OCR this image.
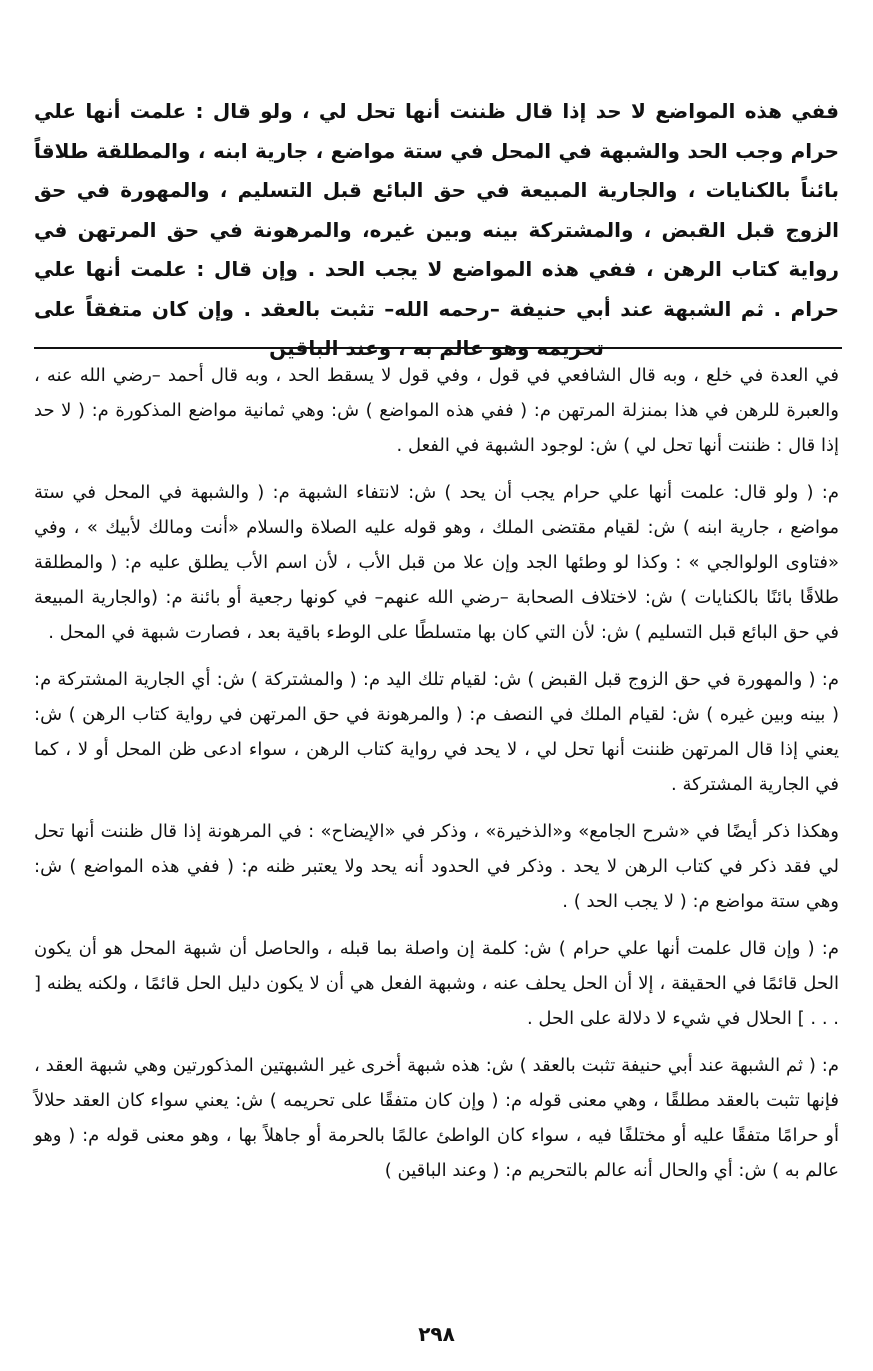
ففي هذه المواضع لا حد إذا قال ظننت أنها تحل لي ، ولو قال : علمت أنها علي حرام وجب الحد والشبهة في المحل في ستة مواضع ، جارية ابنه ، والمطلقة طلاقاً بائناً بالكنايات ، والجارية المبيعة في حق البائع قبل التسليم ، والمهورة في حق الزوج قبل القبض ، والمشتركة بينه وبين غيره، والمرهونة في حق المرتهن في رواية كتاب الرهن ، ففي هذه المواضع لا يجب الحد . وإن قال : علمت أنها علي حرام . ثم الشبهة عند أبي حنيفة –رحمه الله– تثبت بالعقد . وإن كان متفقاً على تحريمه وهو عالم به ، وعند الباقين

في العدة في خلع ، وبه قال الشافعي في قول ، وفي قول لا يسقط الحد ، وبه قال أحمد –رضي الله عنه ، والعبرة للرهن في هذا بمنزلة المرتهن م: ( ففي هذه المواضع ) ش: وهي ثمانية مواضع المذكورة م: ( لا حد إذا قال : ظننت أنها تحل لي ) ش: لوجود الشبهة في الفعل .

م: ( ولو قال: علمت أنها علي حرام يجب أن يحد ) ش: لانتفاء الشبهة م: ( والشبهة في المحل في ستة مواضع ، جارية ابنه ) ش: لقيام مقتضى الملك ، وهو قوله عليه الصلاة والسلام «أنت ومالك لأبيك » ، وفي «فتاوى الولوالجي » : وكذا لو وطئها الجد وإن علا من قبل الأب ، لأن اسم الأب يطلق عليه م: ( والمطلقة طلاقًا بائنًا بالكنايات ) ش: لاختلاف الصحابة –رضي الله عنهم– في كونها رجعية أو بائنة م: (والجارية المبيعة في حق البائع قبل التسليم ) ش: لأن التي كان بها متسلطًا على الوطء باقية بعد ، فصارت شبهة في المحل .

م: ( والمهورة في حق الزوج قبل القبض ) ش: لقيام تلك اليد م: ( والمشتركة ) ش: أي الجارية المشتركة م: ( بينه وبين غيره ) ش: لقيام الملك في النصف م: ( والمرهونة في حق المرتهن في رواية كتاب الرهن ) ش: يعني إذا قال المرتهن ظننت أنها تحل لي ، لا يحد في رواية كتاب الرهن ، سواء ادعى ظن المحل أو لا ، كما في الجارية المشتركة .

وهكذا ذكر أيضًا في «شرح الجامع» و«الذخيرة» ، وذكر في «الإيضاح» : في المرهونة إذا قال ظننت أنها تحل لي فقد ذكر في كتاب الرهن لا يحد . وذكر في الحدود أنه يحد ولا يعتبر ظنه م: ( ففي هذه المواضع ) ش: وهي ستة مواضع م: ( لا يجب الحد ) .

م: ( وإن قال علمت أنها علي حرام ) ش: كلمة إن واصلة بما قبله ، والحاصل أن شبهة المحل هو أن يكون الحل قائمًا في الحقيقة ، إلا أن الحل يحلف عنه ، وشبهة الفعل هي أن لا يكون دليل الحل قائمًا ، ولكنه يظنه [ . . . ] الحلال في شيء لا دلالة على الحل .

م: ( ثم الشبهة عند أبي حنيفة تثبت بالعقد ) ش: هذه شبهة أخرى غير الشبهتين المذكورتين وهي شبهة العقد ، فإنها تثبت بالعقد مطلقًا ، وهي معنى قوله م: ( وإن كان متفقًا على تحريمه ) ش: يعني سواء كان العقد حلالاً أو حرامًا متفقًا عليه أو مختلفًا فيه ، سواء كان الواطئ عالمًا بالحرمة أو جاهلاً بها ، وهو معنى قوله م: ( وهو عالم به ) ش: أي والحال أنه عالم بالتحريم م: ( وعند الباقين )

٢٩٨
